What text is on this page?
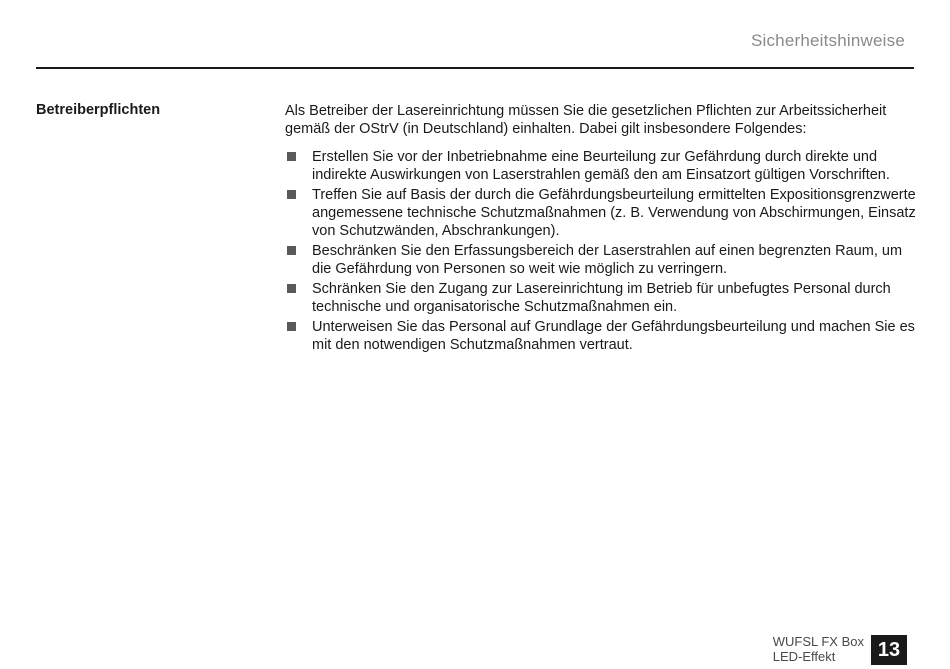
Sicherheitshinweise
Betreiberpflichten	Als Betreiber der Lasereinrichtung müssen Sie die gesetzlichen Pflichten zur Arbeitssicherheit gemäß der OStrV (in Deutschland) einhalten. Dabei gilt insbesondere Folgendes:

Erstellen Sie vor der Inbetriebnahme eine Beurteilung zur Gefährdung durch direkte und indirekte Auswirkungen von Laserstrahlen gemäß den am Einsatzort gültigen Vorschriften.
Treffen Sie auf Basis der durch die Gefährdungsbeurteilung ermittelten Expositionsgrenzwerte angemessene technische Schutzmaßnahmen (z. B. Verwendung von Abschirmungen, Einsatz von Schutzwänden, Abschrankungen).
Beschränken Sie den Erfassungsbereich der Laserstrahlen auf einen begrenzten Raum, um die Gefährdung von Personen so weit wie möglich zu verringern.
Schränken Sie den Zugang zur Lasereinrichtung im Betrieb für unbefugtes Personal durch technische und organisatorische Schutzmaßnahmen ein.
Unterweisen Sie das Personal auf Grundlage der Gefährdungsbeurteilung und machen Sie es mit den notwendigen Schutzmaßnahmen vertraut.
WUFSL FX Box
LED-Effekt	13
